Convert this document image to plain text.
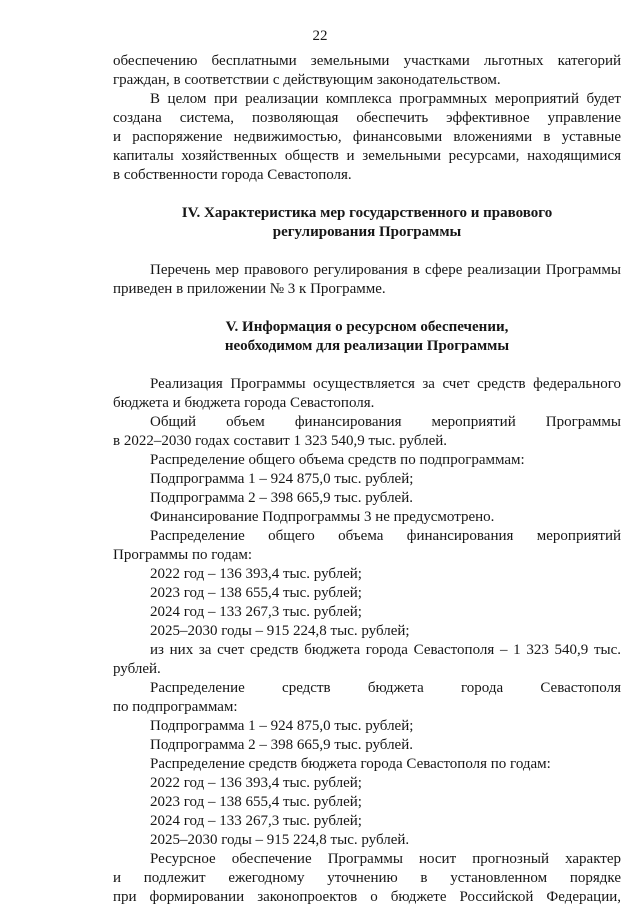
22

обеспечению бесплатными земельными участками льготных категорий

граждан, в соответствии с действующим законодательством.

В целом при реализации комплекса программных мероприятий будет

создана система, позволяющая обеспечить эффективное управление

и распоряжение недвижимостью, финансовыми вложениями в уставные

капиталы хозяйственных обществ и земельными ресурсами, находящимися

в собственности города Севастополя.

IV. Характеристика мер государственного и правового

регулирования Программы

Перечень мер правового регулирования в сфере реализации Программы

приведен в приложении № 3 к Программе.

V. Информация о ресурсном обеспечении,

необходимом для реализации Программы

Реализация Программы осуществляется за счет средств федерального

бюджета и бюджета города Севастополя.

Общий объем финансирования мероприятий Программы

в 2022–2030 годах составит 1 323 540,9 тыс. рублей.

Распределение общего объема средств по подпрограммам:

Подпрограмма 1 – 924 875,0 тыс. рублей;

Подпрограмма 2 – 398 665,9 тыс. рублей.

Финансирование Подпрограммы 3 не предусмотрено.

Распределение общего объема финансирования мероприятий

Программы по годам:

2022 год – 136 393,4 тыс. рублей;

2023 год – 138 655,4 тыс. рублей;

2024 год – 133 267,3 тыс. рублей;

2025–2030 годы – 915 224,8 тыс. рублей;

из них за счет средств бюджета города Севастополя – 1 323 540,9 тыс.

рублей.

Распределение средств бюджета города Севастополя

по подпрограммам:

Подпрограмма 1 – 924 875,0 тыс. рублей;

Подпрограмма 2 – 398 665,9 тыс. рублей.

Распределение средств бюджета города Севастополя по годам:

2022 год – 136 393,4 тыс. рублей;

2023 год – 138 655,4 тыс. рублей;

2024 год – 133 267,3 тыс. рублей;

2025–2030 годы – 915 224,8 тыс. рублей.

Ресурсное обеспечение Программы носит прогнозный характер

и подлежит ежегодному уточнению в установленном порядке

при формировании законопроектов о бюджете Российской Федерации,
